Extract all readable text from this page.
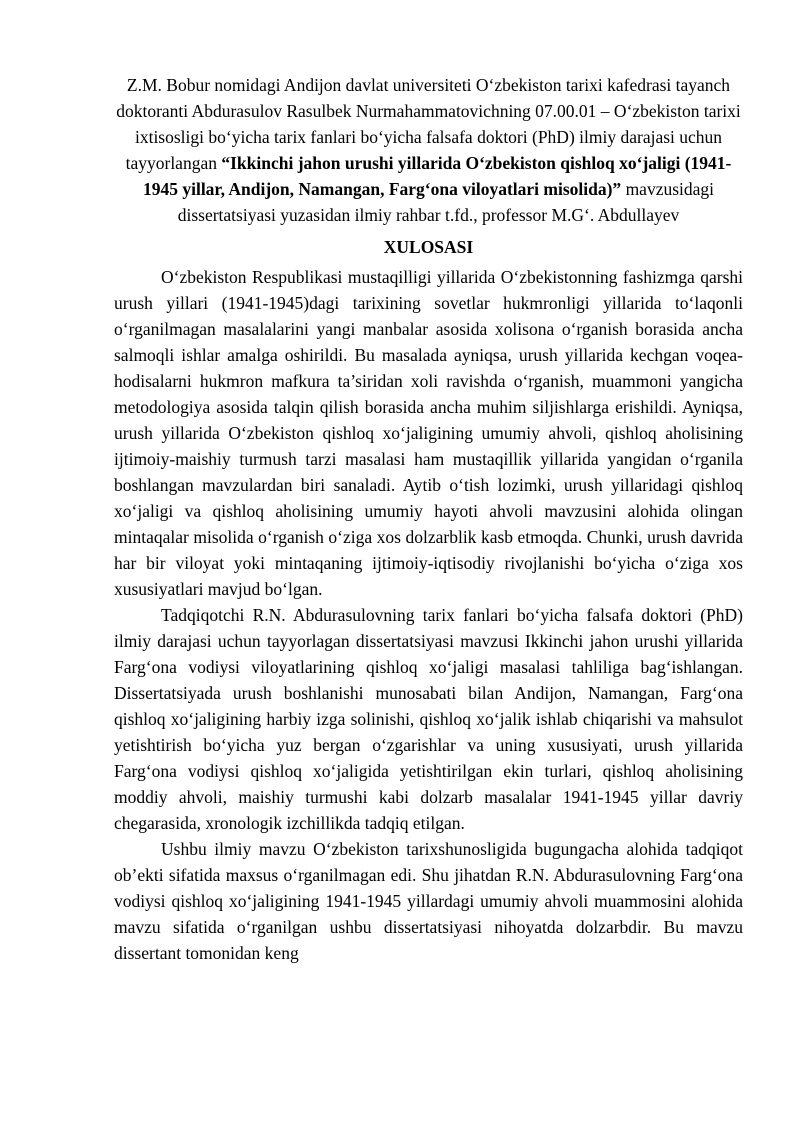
Z.M. Bobur nomidagi Andijon davlat universiteti Oʻzbekiston tarixi kafedrasi tayanch doktoranti Abdurasulov Rasulbek Nurmahammatovichning 07.00.01 – Oʻzbekiston tarixi ixtisosligi boʻyicha tarix fanlari boʻyicha falsafa doktori (PhD) ilmiy darajasi uchun tayyorlangan “Ikkinchi jahon urushi yillarida Oʻzbekiston qishloq xoʻjaligi (1941-1945 yillar, Andijon, Namangan, Fargʻona viloyatlari misolida)” mavzusidagi dissertatsiyasi yuzasidan ilmiy rahbar t.fd., professor M.Gʻ. Abdullayev

XULOSASI

Oʻzbekiston Respublikasi mustaqilligi yillarida Oʻzbekistonning fashizmga qarshi urush yillari (1941-1945)dagi tarixining sovetlar hukmronligi yillarida toʻlaqonli oʻrganilmagan masalalarini yangi manbalar asosida xolisona oʻrganish borasida ancha salmoqli ishlar amalga oshirildi. Bu masalada ayniqsa, urush yillarida kechgan voqea-hodisalarni hukmron mafkura ta’siridan xoli ravishda oʻrganish, muammoni yangicha metodologiya asosida talqin qilish borasida ancha muhim siljishlarga erishildi. Ayniqsa, urush yillarida Oʻzbekiston qishloq xoʻjaligining umumiy ahvoli, qishloq aholisining ijtimoiy-maishiy turmush tarzi masalasi ham mustaqillik yillarida yangidan oʻrganila boshlangan mavzulardan biri sanaladi. Aytib oʻtish lozimki, urush yillaridagi qishloq xoʻjaligi va qishloq aholisining umumiy hayoti ahvoli mavzusini alohida olingan mintaqalar misolida oʻrganish oʻziga xos dolzarblik kasb etmoqda. Chunki, urush davrida har bir viloyat yoki mintaqaning ijtimoiy-iqtisodiy rivojlanishi boʻyicha oʻziga xos xususiyatlari mavjud boʻlgan.

Tadqiqotchi R.N. Abdurasulovning tarix fanlari boʻyicha falsafa doktori (PhD) ilmiy darajasi uchun tayyorlagan dissertatsiyasi mavzusi Ikkinchi jahon urushi yillarida Fargʻona vodiysi viloyatlarining qishloq xoʻjaligi masalasi tahliliga bagʻishlangan. Dissertatsiyada urush boshlanishi munosabati bilan Andijon, Namangan, Fargʻona qishloq xoʻjaligining harbiy izga solinishi, qishloq xoʻjalik ishlab chiqarishi va mahsulot yetishtirish boʻyicha yuz bergan oʻzgarishlar va uning xususiyati, urush yillarida Fargʻona vodiysi qishloq xoʻjaligida yetishtirilgan ekin turlari, qishloq aholisining moddiy ahvoli, maishiy turmushi kabi dolzarb masalalar 1941-1945 yillar davriy chegarasida, xronologik izchillikda tadqiq etilgan.

Ushbu ilmiy mavzu Oʻzbekiston tarixshunosligida bugungacha alohida tadqiqot ob’ekti sifatida maxsus oʻrganilmagan edi. Shu jihatdan R.N. Abdurasulovning Fargʻona vodiysi qishloq xoʻjaligining 1941-1945 yillardagi umumiy ahvoli muammosini alohida mavzu sifatida oʻrganilgan ushbu dissertatsiyasi nihoyatda dolzarbdir. Bu mavzu dissertant tomonidan keng
